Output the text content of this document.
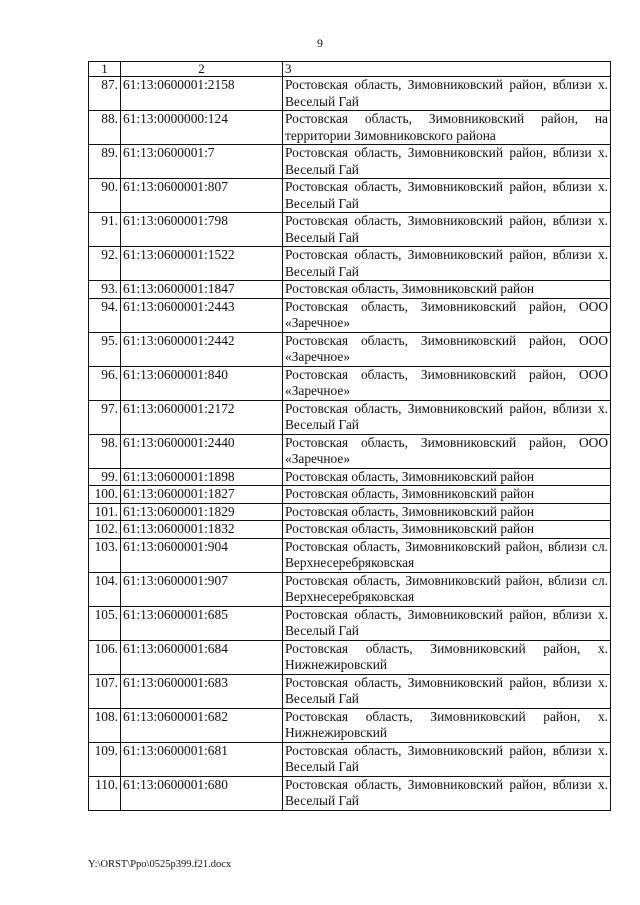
9
1	2	3
87.	61:13:0600001:2158	Ростовская область, Зимовниковский район, вблизи х. Веселый Гай
88.	61:13:0000000:124	Ростовская область, Зимовниковский район, на территории Зимовниковского района
89.	61:13:0600001:7	Ростовская область, Зимовниковский район, вблизи х. Веселый Гай
90.	61:13:0600001:807	Ростовская область, Зимовниковский район, вблизи х. Веселый Гай
91.	61:13:0600001:798	Ростовская область, Зимовниковский район, вблизи х. Веселый Гай
92.	61:13:0600001:1522	Ростовская область, Зимовниковский район, вблизи х. Веселый Гай
93.	61:13:0600001:1847	Ростовская область, Зимовниковский район
94.	61:13:0600001:2443	Ростовская область, Зимовниковский район, ООО «Заречное»
95.	61:13:0600001:2442	Ростовская область, Зимовниковский район, ООО «Заречное»
96.	61:13:0600001:840	Ростовская область, Зимовниковский район, ООО «Заречное»
97.	61:13:0600001:2172	Ростовская область, Зимовниковский район, вблизи х. Веселый Гай
98.	61:13:0600001:2440	Ростовская область, Зимовниковский район, ООО «Заречное»
99.	61:13:0600001:1898	Ростовская область, Зимовниковский район
100.	61:13:0600001:1827	Ростовская область, Зимовниковский район
101.	61:13:0600001:1829	Ростовская область, Зимовниковский район
102.	61:13:0600001:1832	Ростовская область, Зимовниковский район
103.	61:13:0600001:904	Ростовская область, Зимовниковский район, вблизи сл. Верхнесеребряковская
104.	61:13:0600001:907	Ростовская область, Зимовниковский район, вблизи сл. Верхнесеребряковская
105.	61:13:0600001:685	Ростовская область, Зимовниковский район, вблизи х. Веселый Гай
106.	61:13:0600001:684	Ростовская область, Зимовниковский район, х. Нижнежировский
107.	61:13:0600001:683	Ростовская область, Зимовниковский район, вблизи х. Веселый Гай
108.	61:13:0600001:682	Ростовская область, Зимовниковский район, х. Нижнежировский
109.	61:13:0600001:681	Ростовская область, Зимовниковский район, вблизи х. Веселый Гай
110.	61:13:0600001:680	Ростовская область, Зимовниковский район, вблизи х. Веселый Гай
Y:\ORST\Ppo\0525p399.f21.docx
